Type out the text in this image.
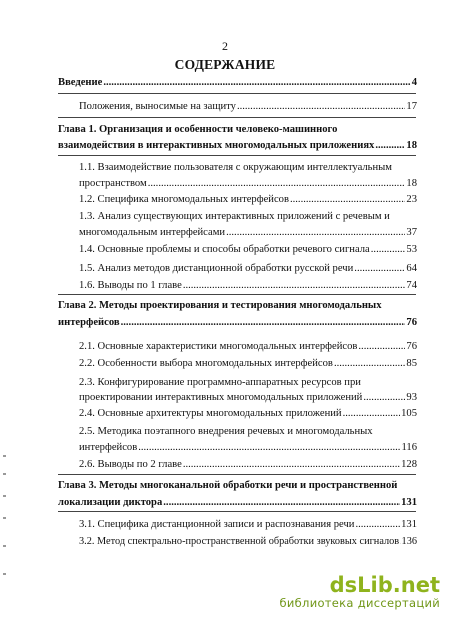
2
СОДЕРЖАНИЕ
Введение .....	4
Положения, выносимые на защиту .....	17
Глава 1. Организация и особенности человеко-машинного
взаимодействия в интерактивных многомодальных приложениях .....	18
1.1. Взаимодействие пользователя с окружающим интеллектуальным
пространством .....	18
1.2. Специфика многомодальных интерфейсов .....	23
1.3. Анализ существующих интерактивных приложений с речевым и
многомодальным интерфейсами .....	37
1.4. Основные проблемы и способы обработки речевого сигнала .....	53
1.5. Анализ методов дистанционной обработки русской речи .....	64
1.6. Выводы по 1 главе .....	74
Глава 2. Методы проектирования и тестирования многомодальных
интерфейсов .....	76
2.1. Основные характеристики многомодальных интерфейсов .....	76
2.2. Особенности выбора многомодальных интерфейсов .....	85
2.3. Конфигурирование программно-аппаратных ресурсов при
проектировании интерактивных многомодальных приложений .....	93
2.4. Основные архитектуры многомодальных приложений .....	105
2.5. Методика поэтапного внедрения речевых и многомодальных
интерфейсов .....	116
2.6. Выводы по 2 главе .....	128
Глава 3. Методы многоканальной обработки речи и пространственной
локализации диктора .....	131
3.1. Специфика дистанционной записи и распознавания речи .....	131
3.2. Метод спектрально-пространственной обработки звуковых сигналов ..... 136
dsLib.net
библиотека диссертаций
